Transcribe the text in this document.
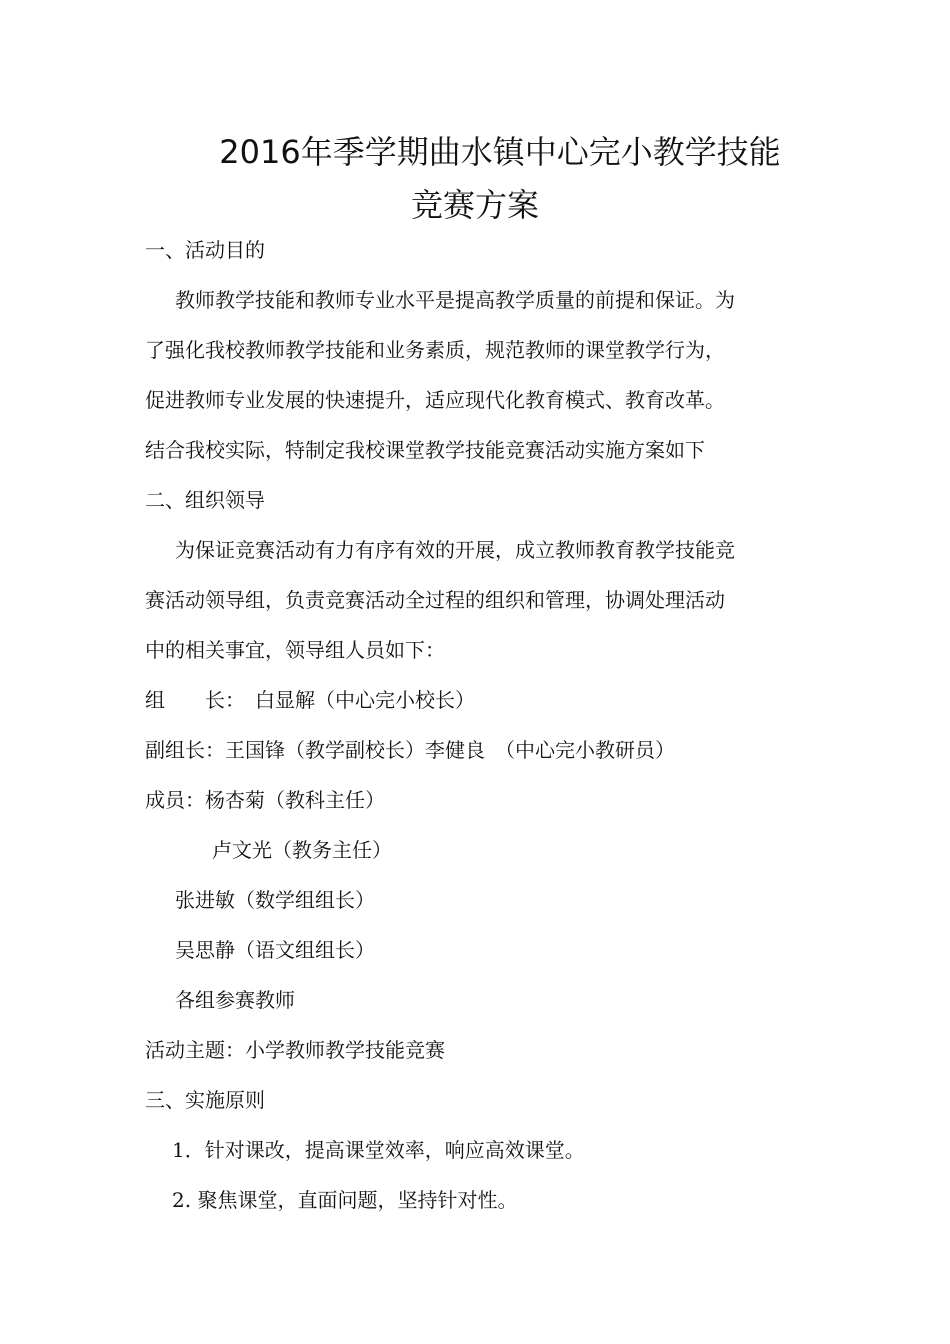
2016年季学期曲水镇中心完小教学技能
竞赛方案
一、活动目的
教师教学技能和教师专业水平是提高教学质量的前提和保证。为
了强化我校教师教学技能和业务素质，规范教师的课堂教学行为，
促进教师专业发展的快速提升，适应现代化教育模式、教育改革。
结合我校实际，特制定我校课堂教学技能竞赛活动实施方案如下
二、组织领导
为保证竞赛活动有力有序有效的开展，成立教师教育教学技能竞
赛活动领导组，负责竞赛活动全过程的组织和管理，协调处理活动
中的相关事宜，领导组人员如下：
组　　长：　白显解（中心完小校长）
副组长：王国锋（教学副校长）李健良　（中心完小教研员）
成员：杨杏菊（教科主任）
卢文光（教务主任）
张进敏（数学组组长）
吴思静（语文组组长）
各组参赛教师
活动主题：小学教师教学技能竞赛
三、实施原则
1．针对课改，提高课堂效率，响应高效课堂。
2. 聚焦课堂，直面问题，坚持针对性。
